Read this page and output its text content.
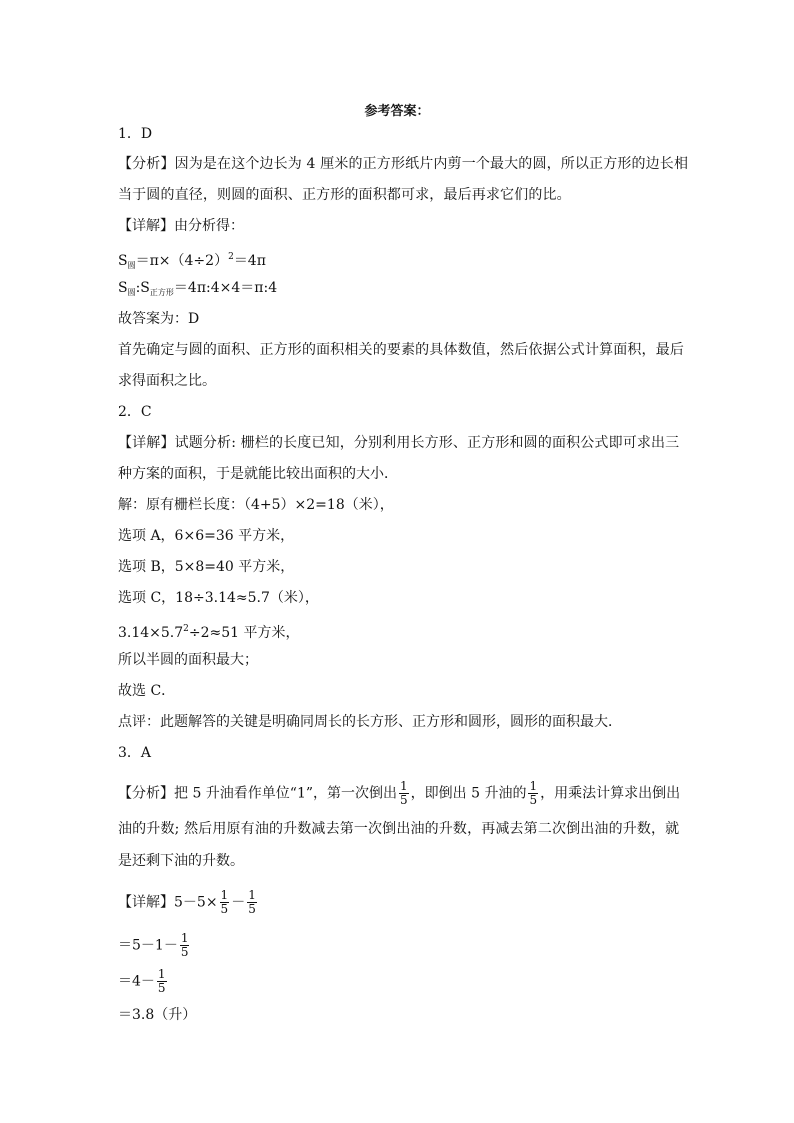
参考答案：
1．D
【分析】因为是在这个边长为 4 厘米的正方形纸片内剪一个最大的圆，所以正方形的边长相
当于圆的直径，则圆的面积、正方形的面积都可求，最后再求它们的比。
【详解】由分析得：
$S_圆=\pi\times(4\div 2)^2=4\pi$
$S_圆:S_{正方形}=4\pi:4\times 4=\pi:4$
故答案为：D
首先确定与圆的面积、正方形的面积相关的要素的具体数值，然后依据公式计算面积，最后
求得面积之比。
2．C
【详解】试题分析: 栅栏的长度已知，分别利用长方形、正方形和圆的面积公式即可求出三
种方案的面积，于是就能比较出面积的大小．
解：原有栅栏长度：（4+5）×2=18（米），
选项 A，6×6=36 平方米，
选项 B，5×8=40 平方米，
选项 C，18÷3.14≈5.7（米），
$3.14\times 5.7^2\div 2\approx 51$ 平方米，
所以半圆的面积最大；
故选 C．
点评：此题解答的关键是明确同周长的长方形、正方形和圆形，圆形的面积最大．
3．A
【分析】把 5 升油看作单位“1”，第一次倒出 $\frac{1}{5}$ ，即倒出 5 升油的 $\frac{1}{5}$ ，用乘法计算求出倒出
油的升数; 然后用原有油的升数减去第一次倒出油的升数，再减去第二次倒出油的升数，就
是还剩下油的升数。
【详解】$5-5\times \frac{1}{5} - \frac{1}{5}$
$=5-1- \frac{1}{5}$
$=4- \frac{1}{5}$
＝3.8（升）
